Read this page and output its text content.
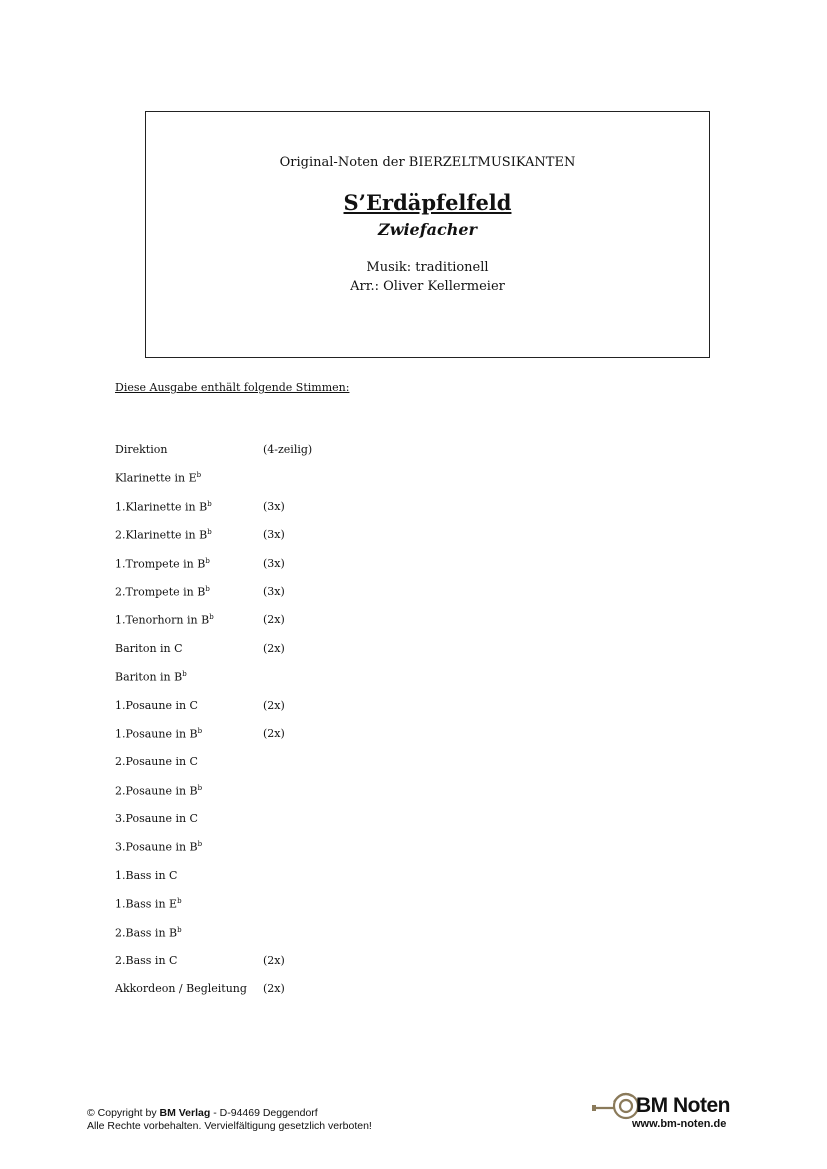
Original-Noten der BIERZELTMUSIKANTEN
S’Erdäpfelfeld
Zwiefacher
Musik: traditionell
Arr.: Oliver Kellermeier
Diese Ausgabe enthält folgende Stimmen:
Direktion	(4-zeilig)
Klarinette in $E^b$
1.Klarinette in $B^b$	(3x)
2.Klarinette in $B^b$	(3x)
1.Trompete in $B^b$	(3x)
2.Trompete in $B^b$	(3x)
1.Tenorhorn in $B^b$	(2x)
Bariton in C	(2x)
Bariton in $B^b$
1.Posaune in C	(2x)
1.Posaune in $B^b$	(2x)
2.Posaune in C
2.Posaune in $B^b$
3.Posaune in C
3.Posaune in $B^b$
1.Bass in C
1.Bass in $E^b$
2.Bass in $B^b$
2.Bass in C	(2x)
Akkordeon / Begleitung	(2x)
© Copyright by BM Verlag - D-94469 Deggendorf
Alle Rechte vorbehalten. Vervielfältigung gesetzlich verboten!
BM Noten
www.bm-noten.de
